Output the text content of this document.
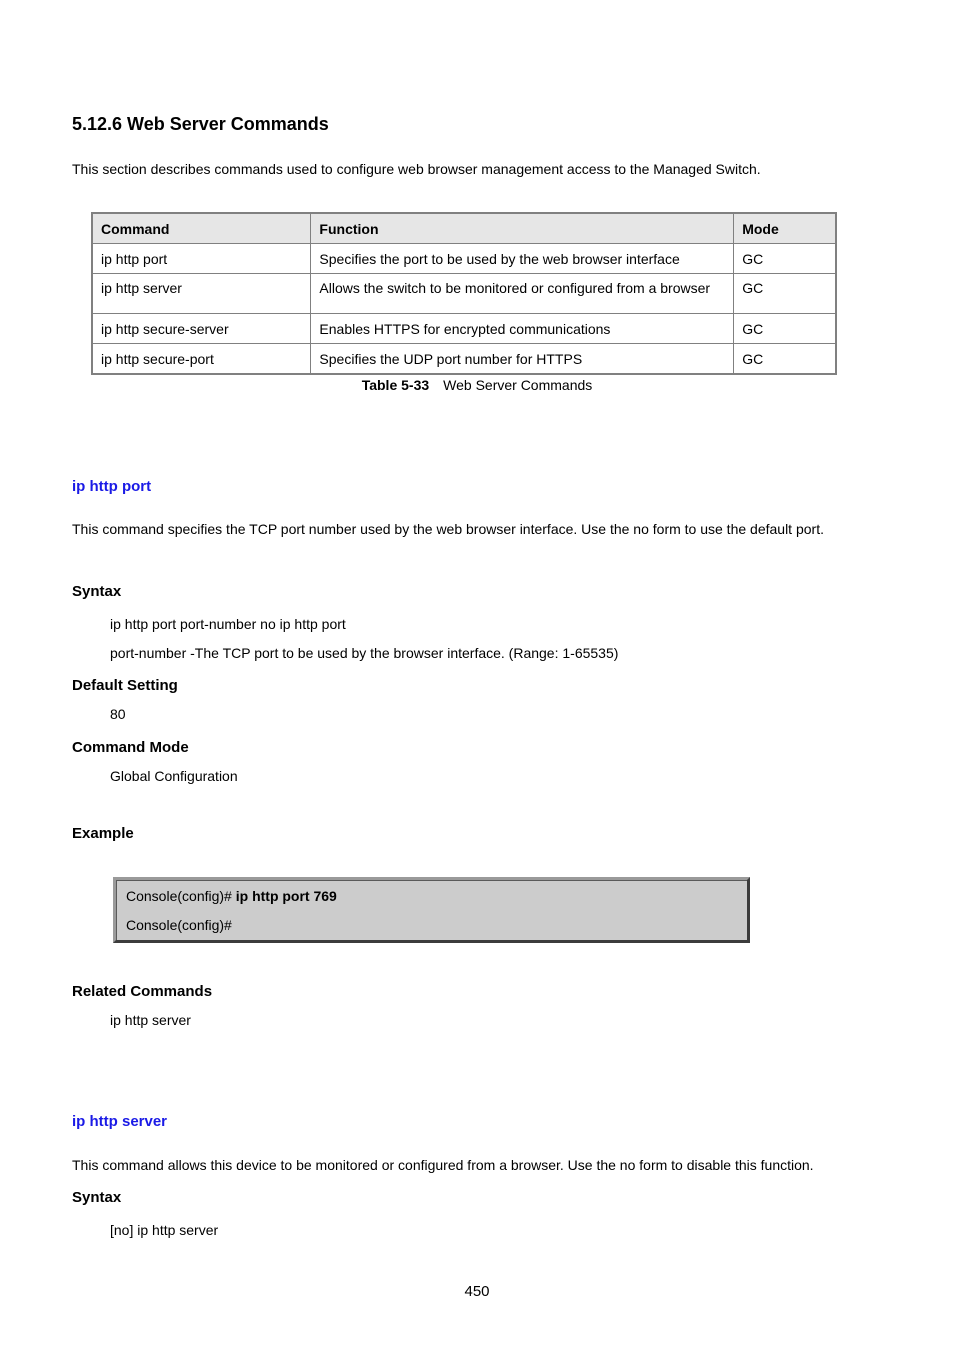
5.12.6 Web Server Commands
This section describes commands used to configure web browser management access to the Managed Switch.
Command	Function	Mode
ip http port	Specifies the port to be used by the web browser interface	GC
ip http server	Allows the switch to be monitored or configured from a browser	GC
ip http secure-server	Enables HTTPS for encrypted communications	GC
ip http secure-port	Specifies the UDP port number for HTTPS	GC
Table 5-33 Web Server Commands
ip http port
This command specifies the TCP port number used by the web browser interface. Use the no form to use the default port.
Syntax
ip http port port-number no ip http port
port-number -The TCP port to be used by the browser interface. (Range: 1-65535)
Default Setting
80
Command Mode
Global Configuration
Example
Console(config)# ip http port 769
Console(config)#
Related Commands
ip http server
ip http server
This command allows this device to be monitored or configured from a browser. Use the no form to disable this function.
Syntax
[no] ip http server
450
